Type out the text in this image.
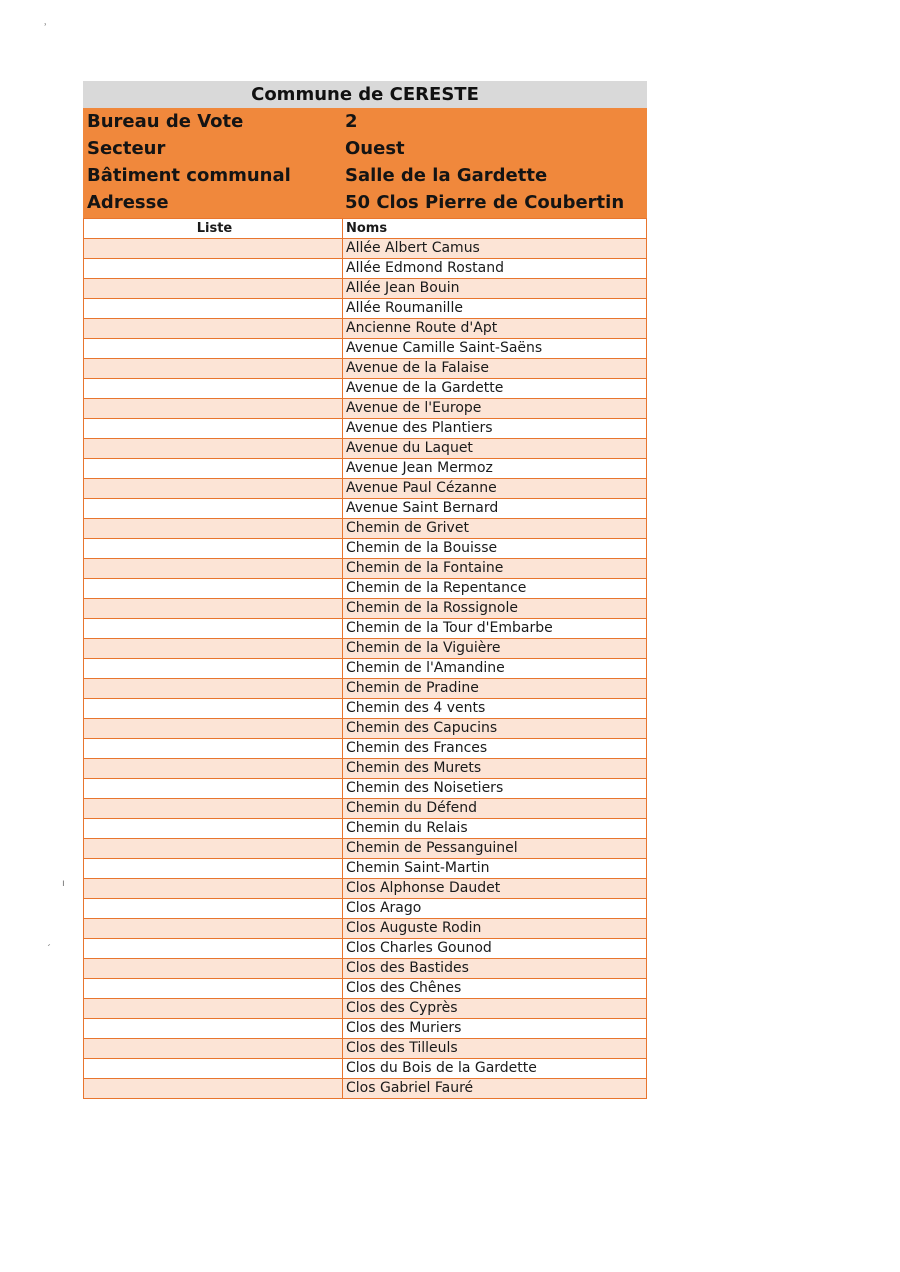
Commune de CERESTE
Bureau de Vote	2
Secteur	Ouest
Bâtiment communal	Salle de la Gardette
Adresse	50 Clos Pierre de Coubertin
Liste	Noms
	Allée Albert Camus
	Allée Edmond Rostand
	Allée Jean Bouin
	Allée Roumanille
	Ancienne Route d'Apt
	Avenue Camille Saint-Saëns
	Avenue de la Falaise
	Avenue de la Gardette
	Avenue de l'Europe
	Avenue des Plantiers
	Avenue du Laquet
	Avenue Jean Mermoz
	Avenue Paul Cézanne
	Avenue Saint Bernard
	Chemin de Grivet
	Chemin de la Bouisse
	Chemin de la Fontaine
	Chemin de la Repentance
	Chemin de la Rossignole
	Chemin de la Tour d'Embarbe
	Chemin de la Viguière
	Chemin de l'Amandine
	Chemin de Pradine
	Chemin des 4 vents
	Chemin des Capucins
	Chemin des Frances
	Chemin des Murets
	Chemin des Noisetiers
	Chemin du Défend
	Chemin du Relais
	Chemin de Pessanguinel
	Chemin Saint-Martin
	Clos Alphonse Daudet
	Clos Arago
	Clos Auguste Rodin
	Clos Charles Gounod
	Clos des Bastides
	Clos des Chênes
	Clos des Cyprès
	Clos des Muriers
	Clos des Tilleuls
	Clos du Bois de la Gardette
	Clos Gabriel Fauré
˒
ı
´
